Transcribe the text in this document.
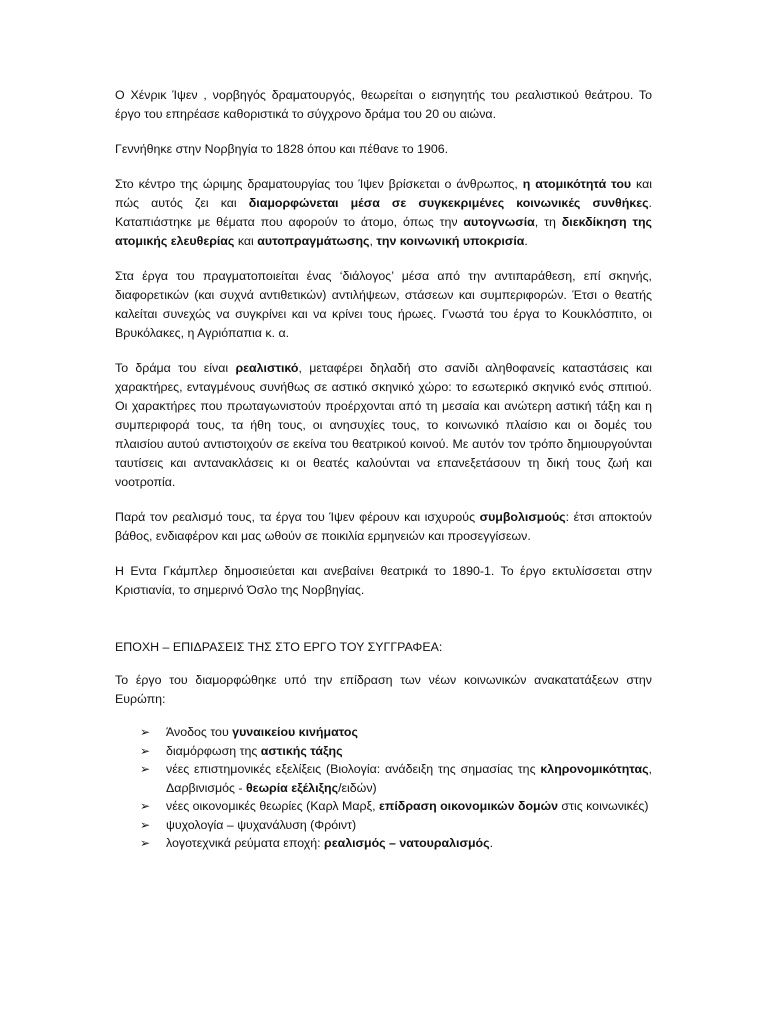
Ο Χένρικ Ίψεν , νορβηγός δραματουργός, θεωρείται ο εισηγητής του ρεαλιστικού θεάτρου. Το έργο του επηρέασε καθοριστικά το σύγχρονο δράμα του 20 ου αιώνα.

Γεννήθηκε στην Νορβηγία το 1828 όπου και πέθανε το 1906.

Στο κέντρο της ώριμης δραματουργίας του Ίψεν βρίσκεται ο άνθρωπος, η ατομικότητά του και πώς αυτός ζει και διαμορφώνεται μέσα σε συγκεκριμένες κοινωνικές συνθήκες. Καταπιάστηκε με θέματα που αφορούν το άτομο, όπως την αυτογνωσία, τη διεκδίκηση της ατομικής ελευθερίας και αυτοπραγμάτωσης, την κοινωνική υποκρισία.

Στα έργα του πραγματοποιείται ένας ‘διάλογος’ μέσα από την αντιπαράθεση, επί σκηνής, διαφορετικών (και συχνά αντιθετικών) αντιλήψεων, στάσεων και συμπεριφορών. Έτσι ο θεατής καλείται συνεχώς να συγκρίνει και να κρίνει τους ήρωες. Γνωστά του έργα το Κουκλόσπιτο, οι Βρυκόλακες, η Αγριόπαπια κ. α.

Το δράμα του είναι ρεαλιστικό, μεταφέρει δηλαδή στο σανίδι αληθοφανείς καταστάσεις και χαρακτήρες, ενταγμένους συνήθως σε αστικό σκηνικό χώρο: το εσωτερικό σκηνικό ενός σπιτιού. Οι χαρακτήρες που πρωταγωνιστούν προέρχονται από τη μεσαία και ανώτερη αστική τάξη και η συμπεριφορά τους, τα ήθη τους, οι ανησυχίες τους, το κοινωνικό πλαίσιο και οι δομές του πλαισίου αυτού αντιστοιχούν σε εκείνα του θεατρικού κοινού. Με αυτόν τον τρόπο δημιουργούνται ταυτίσεις και αντανακλάσεις κι οι θεατές καλούνται να επανεξετάσουν τη δική τους ζωή και νοοτροπία.

Παρά τον ρεαλισμό τους, τα έργα του Ίψεν φέρουν και ισχυρούς συμβολισμούς: έτσι αποκτούν βάθος, ενδιαφέρον και μας ωθούν σε ποικιλία ερμηνειών και προσεγγίσεων.

Η Εντα Γκάμπλερ δημοσιεύεται και ανεβαίνει θεατρικά το 1890-1. Το έργο εκτυλίσσεται στην Κριστιανία, το σημερινό Όσλο της Νορβηγίας.

ΕΠΟΧΗ – ΕΠΙΔΡΑΣΕΙΣ ΤΗΣ ΣΤΟ ΕΡΓΟ ΤΟΥ ΣΥΓΓΡΑΦΕΑ:

Το έργο του διαμορφώθηκε υπό την επίδραση των νέων κοινωνικών ανακατατάξεων στην Ευρώπη:

➢ Άνοδος του γυναικείου κινήματος
➢ διαμόρφωση της αστικής τάξης
➢ νέες επιστημονικές εξελίξεις (Βιολογία: ανάδειξη της σημασίας της κληρονομικότητας, Δαρβινισμός - θεωρία εξέλιξης/ειδών)
➢ νέες οικονομικές θεωρίες (Καρλ Μαρξ, επίδραση οικονομικών δομών στις κοινωνικές)
➢ ψυχολογία – ψυχανάλυση (Φρόιντ)
➢ λογοτεχνικά ρεύματα εποχή: ρεαλισμός – νατουραλισμός.
